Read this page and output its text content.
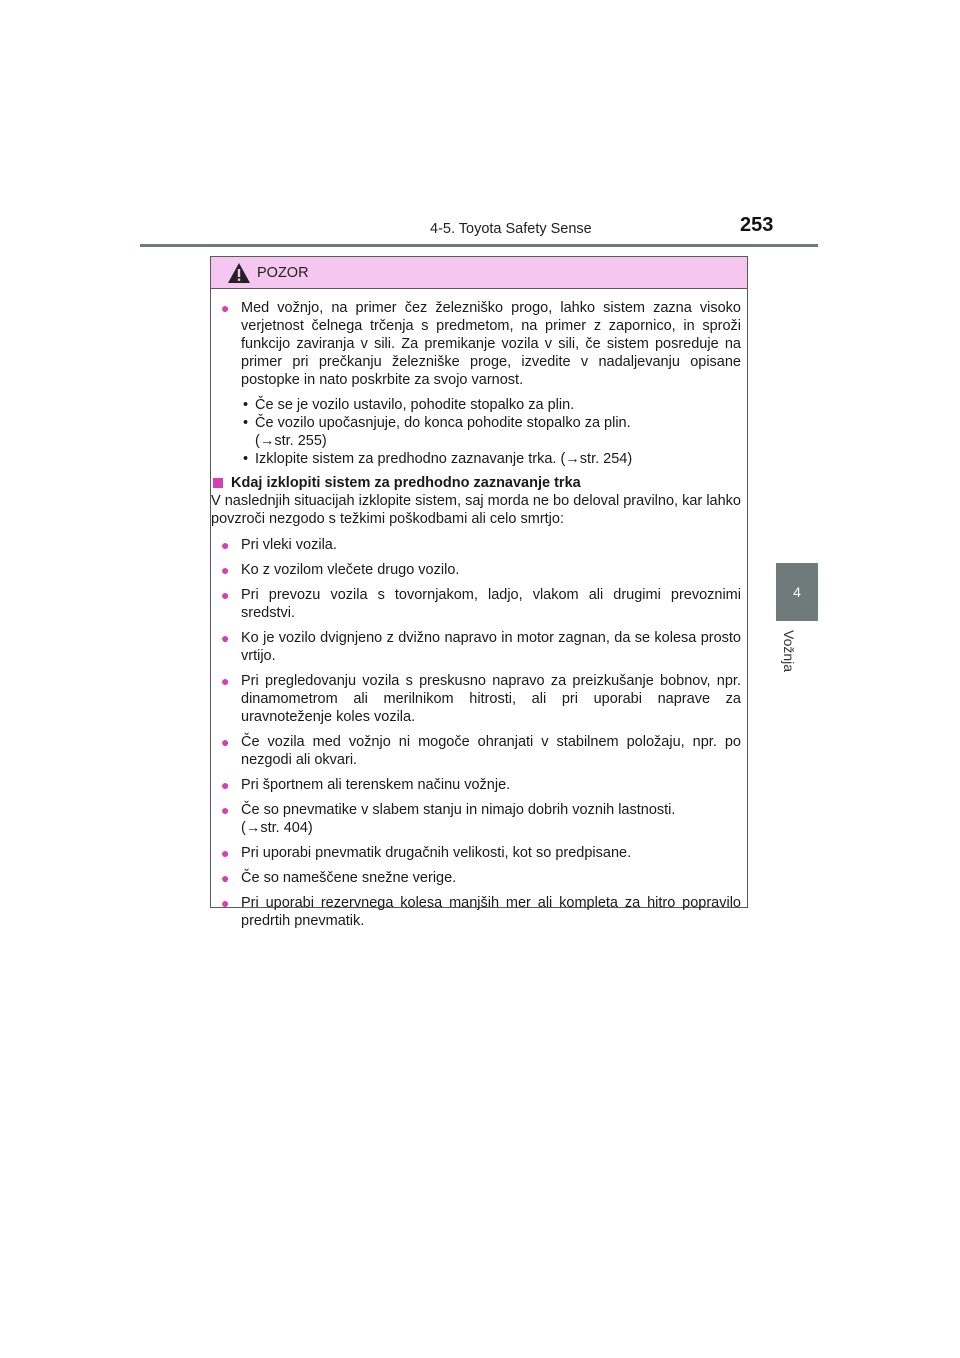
4-5. Toyota Safety Sense	253
4
Vožnja
POZOR
● Med vožnjo, na primer čez železniško progo, lahko sistem zazna visoko verjetnost čelnega trčenja s predmetom, na primer z zapornico, in sproži funkcijo zaviranja v sili. Za premikanje vozila v sili, če sistem posreduje na primer pri prečkanju železniške proge, izvedite v nadaljevanju opisane postopke in nato poskrbite za svojo varnost.
• Če se je vozilo ustavilo, pohodite stopalko za plin.
• Če vozilo upočasnjuje, do konca pohodite stopalko za plin.
(→str. 255)
• Izklopite sistem za predhodno zaznavanje trka. (→str. 254)
Kdaj izklopiti sistem za predhodno zaznavanje trka
V naslednjih situacijah izklopite sistem, saj morda ne bo deloval pravilno, kar lahko povzroči nezgodo s težkimi poškodbami ali celo smrtjo:
● Pri vleki vozila.
● Ko z vozilom vlečete drugo vozilo.
● Pri prevozu vozila s tovornjakom, ladjo, vlakom ali drugimi prevoznimi sredstvi.
● Ko je vozilo dvignjeno z dvižno napravo in motor zagnan, da se kolesa prosto vrtijo.
● Pri pregledovanju vozila s preskusno napravo za preizkušanje bobnov, npr. dinamometrom ali merilnikom hitrosti, ali pri uporabi naprave za uravnoteženje koles vozila.
● Če vozila med vožnjo ni mogoče ohranjati v stabilnem položaju, npr. po nezgodi ali okvari.
● Pri športnem ali terenskem načinu vožnje.
● Če so pnevmatike v slabem stanju in nimajo dobrih voznih lastnosti.
(→str. 404)
● Pri uporabi pnevmatik drugačnih velikosti, kot so predpisane.
● Če so nameščene snežne verige.
● Pri uporabi rezervnega kolesa manjših mer ali kompleta za hitro popravilo predrtih pnevmatik.
